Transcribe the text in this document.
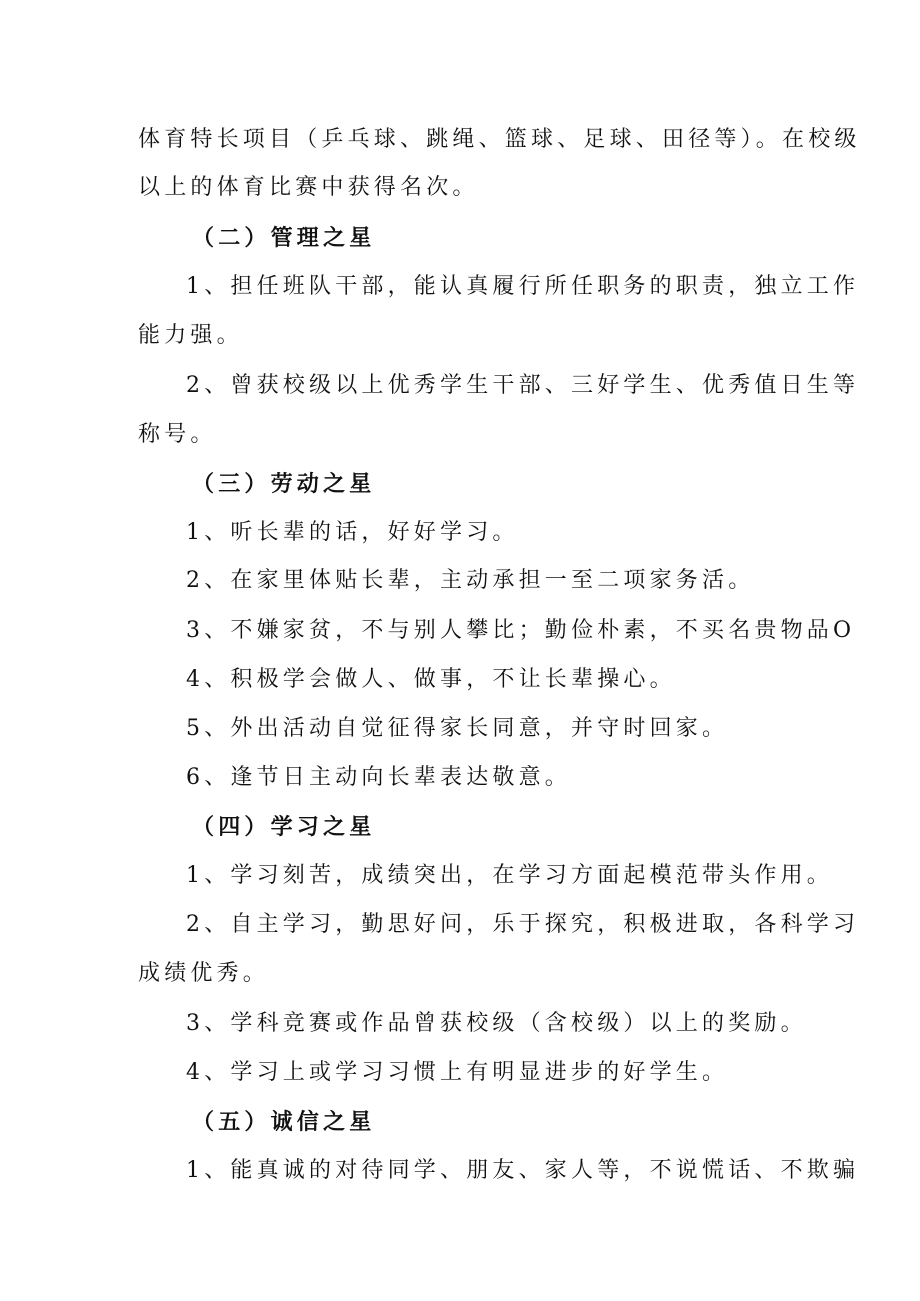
体育特长项目（乒乓球、跳绳、篮球、足球、田径等）。在校级
以上的体育比赛中获得名次。
（二）管理之星
1、担任班队干部，能认真履行所任职务的职责，独立工作
能力强。
2、曾获校级以上优秀学生干部、三好学生、优秀值日生等
称号。
（三）劳动之星
1、听长辈的话，好好学习。
2、在家里体贴长辈，主动承担一至二项家务活。
3、不嫌家贫，不与别人攀比；勤俭朴素，不买名贵物品O
4、积极学会做人、做事，不让长辈操心。
5、外出活动自觉征得家长同意，并守时回家。
6、逢节日主动向长辈表达敬意。
（四）学习之星
1、学习刻苦，成绩突出，在学习方面起模范带头作用。
2、自主学习，勤思好问，乐于探究，积极进取，各科学习
成绩优秀。
3、学科竞赛或作品曾获校级（含校级）以上的奖励。
4、学习上或学习习惯上有明显进步的好学生。
（五）诚信之星
1、能真诚的对待同学、朋友、家人等，不说慌话、不欺骗
